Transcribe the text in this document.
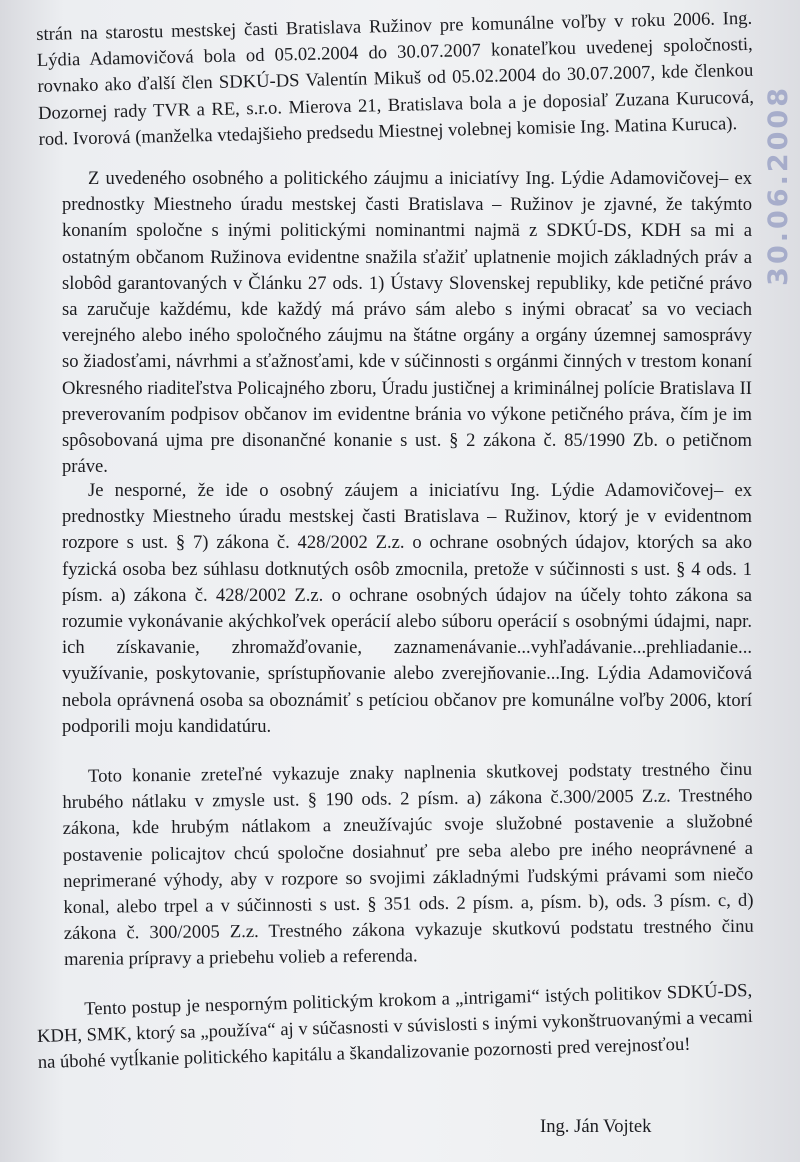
30.06.2008

strán na starostu mestskej časti Bratislava Ružinov pre komunálne voľby v roku 2006. Ing. Lýdia Adamovičová bola od 05.02.2004 do 30.07.2007 konateľkou uvedenej spoločnosti, rovnako ako ďalší člen SDKÚ-DS Valentín Mikuš od 05.02.2004 do 30.07.2007, kde členkou Dozornej rady TVR a RE, s.r.o. Mierova 21, Bratislava bola a je doposiaľ Zuzana Kurucová, rod. Ivorová (manželka vtedajšieho predsedu Miestnej volebnej komisie Ing. Matina Kuruca).

Z uvedeného osobného a politického záujmu a iniciatívy Ing. Lýdie Adamovičovej– ex prednostky Miestneho úradu mestskej časti Bratislava – Ružinov je zjavné, že takýmto konaním spoločne s inými politickými nominantmi najmä z SDKÚ-DS, KDH sa mi a ostatným občanom Ružinova evidentne snažila sťažiť uplatnenie mojich základných práv a slobôd garantovaných v Článku 27 ods. 1) Ústavy Slovenskej republiky, kde petičné právo sa zaručuje každému, kde každý má právo sám alebo s inými obracať sa vo veciach verejného alebo iného spoločného záujmu na štátne orgány a orgány územnej samosprávy so žiadosťami, návrhmi a sťažnosťami, kde v súčinnosti s orgánmi činných v trestom konaní Okresného riaditeľstva Policajného zboru, Úradu justičnej a kriminálnej polície Bratislava II preverovaním podpisov občanov im evidentne bránia vo výkone petičného práva, čím je im spôsobovaná ujma pre disonančné konanie s ust. § 2 zákona č. 85/1990 Zb. o petičnom práve.

Je nesporné, že ide o osobný záujem a iniciatívu Ing. Lýdie Adamovičovej– ex prednostky Miestneho úradu mestskej časti Bratislava – Ružinov, ktorý je v evidentnom rozpore s ust. § 7) zákona č. 428/2002 Z.z. o ochrane osobných údajov, ktorých sa ako fyzická osoba bez súhlasu dotknutých osôb zmocnila, pretože v súčinnosti s ust. § 4 ods. 1 písm. a) zákona č. 428/2002 Z.z. o ochrane osobných údajov na účely tohto zákona sa rozumie vykonávanie akýchkoľvek operácií alebo súboru operácií s osobnými údajmi, napr. ich získavanie, zhromažďovanie, zaznamenávanie...vyhľadávanie...prehliadanie... využívanie, poskytovanie, sprístupňovanie alebo zverejňovanie...Ing. Lýdia Adamovičová nebola oprávnená osoba sa oboznámiť s petíciou občanov pre komunálne voľby 2006, ktorí podporili moju kandidatúru.

Toto konanie zreteľné vykazuje znaky naplnenia skutkovej podstaty trestného činu hrubého nátlaku v zmysle ust. § 190 ods. 2 písm. a) zákona č.300/2005 Z.z. Trestného zákona, kde hrubým nátlakom a zneužívajúc svoje služobné postavenie a služobné postavenie policajtov chcú spoločne dosiahnuť pre seba alebo pre iného neoprávnené a neprimerané výhody, aby v rozpore so svojimi základnými ľudskými právami som niečo konal, alebo trpel a v súčinnosti s ust. § 351 ods. 2 písm. a, písm. b), ods. 3 písm. c, d) zákona č. 300/2005 Z.z. Trestného zákona vykazuje skutkovú podstatu trestného činu marenia prípravy a priebehu volieb a referenda.

Tento postup je nesporným politickým krokom a „intrigami“ istých politikov SDKÚ-DS, KDH, SMK, ktorý sa „používa“ aj v súčasnosti v súvislosti s inými vykonštruovanými a vecami na úbohé vytĺkanie politického kapitálu a škandalizovanie pozornosti pred verejnosťou!

Ing. Ján Vojtek
